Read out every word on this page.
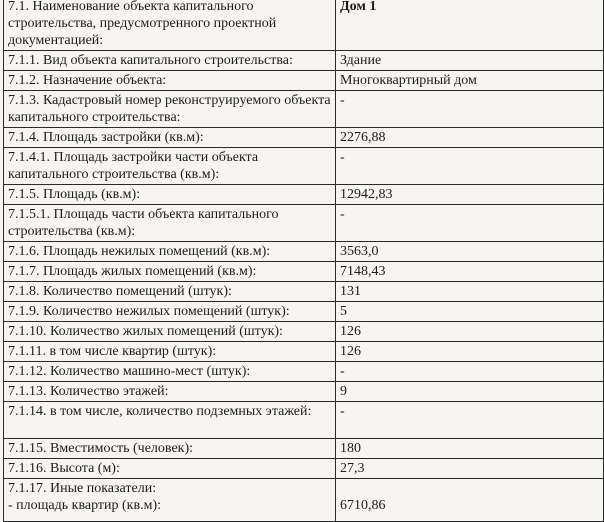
7.1. Наименование объекта капитального строительства, предусмотренного проектной документацией:	Дом 1
7.1.1. Вид объекта капитального строительства:	Здание
7.1.2. Назначение объекта:	Многоквартирный дом
7.1.3. Кадастровый номер реконструируемого объекта капитального строительства:	-
7.1.4. Площадь застройки (кв.м):	2276,88
7.1.4.1. Площадь застройки части объекта капитального строительства (кв.м):	-
7.1.5. Площадь (кв.м):	12942,83
7.1.5.1. Площадь части объекта капитального строительства (кв.м):	-
7.1.6. Площадь нежилых помещений (кв.м):	3563,0
7.1.7. Площадь жилых помещений (кв.м):	7148,43
7.1.8. Количество помещений (штук):	131
7.1.9. Количество нежилых помещений (штук):	5
7.1.10. Количество жилых помещений (штук):	126
7.1.11. в том числе квартир (штук):	126
7.1.12. Количество машино-мест (штук):	-
7.1.13. Количество этажей:	9
7.1.14. в том числе, количество подземных этажей:	-
7.1.15. Вместимость (человек):	180
7.1.16. Высота (м):	27,3

7.1.17. Иные показатели:
- площадь квартир (кв.м):	6710,86
